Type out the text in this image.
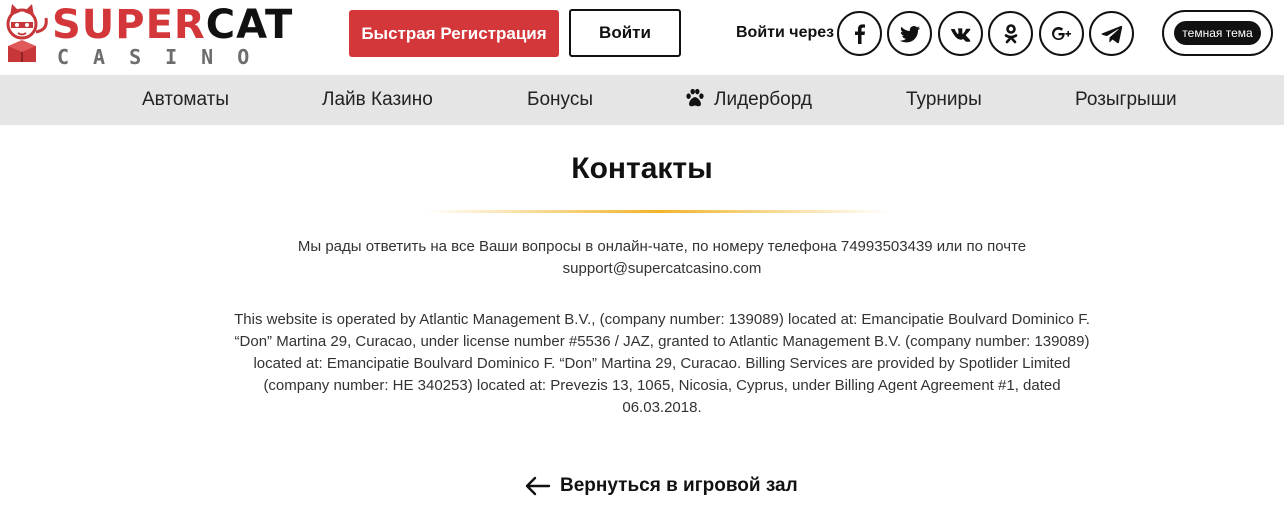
SUPERCAT
CASINO
Быстрая Регистрация	Войти	Войти через	темная тема
Автоматы	Лайв Казино	Бонусы	Лидерборд	Турниры	Розыгрыши
Контакты

Мы рады ответить на все Ваши вопросы в онлайн-чате, по номеру телефона 74993503439 или по почте support@supercatcasino.com

This website is operated by Atlantic Management B.V., (company number: 139089) located at: Emancipatie Boulvard Dominico F. “Don” Martina 29, Curacao, under license number #5536 / JAZ, granted to Atlantic Management B.V. (company number: 139089) located at: Emancipatie Boulvard Dominico F. “Don” Martina 29, Curacao. Billing Services are provided by Spotlider Limited (company number: HE 340253) located at: Prevezis 13, 1065, Nicosia, Cyprus, under Billing Agent Agreement #1, dated 06.03.2018.

Вернуться в игровой зал
